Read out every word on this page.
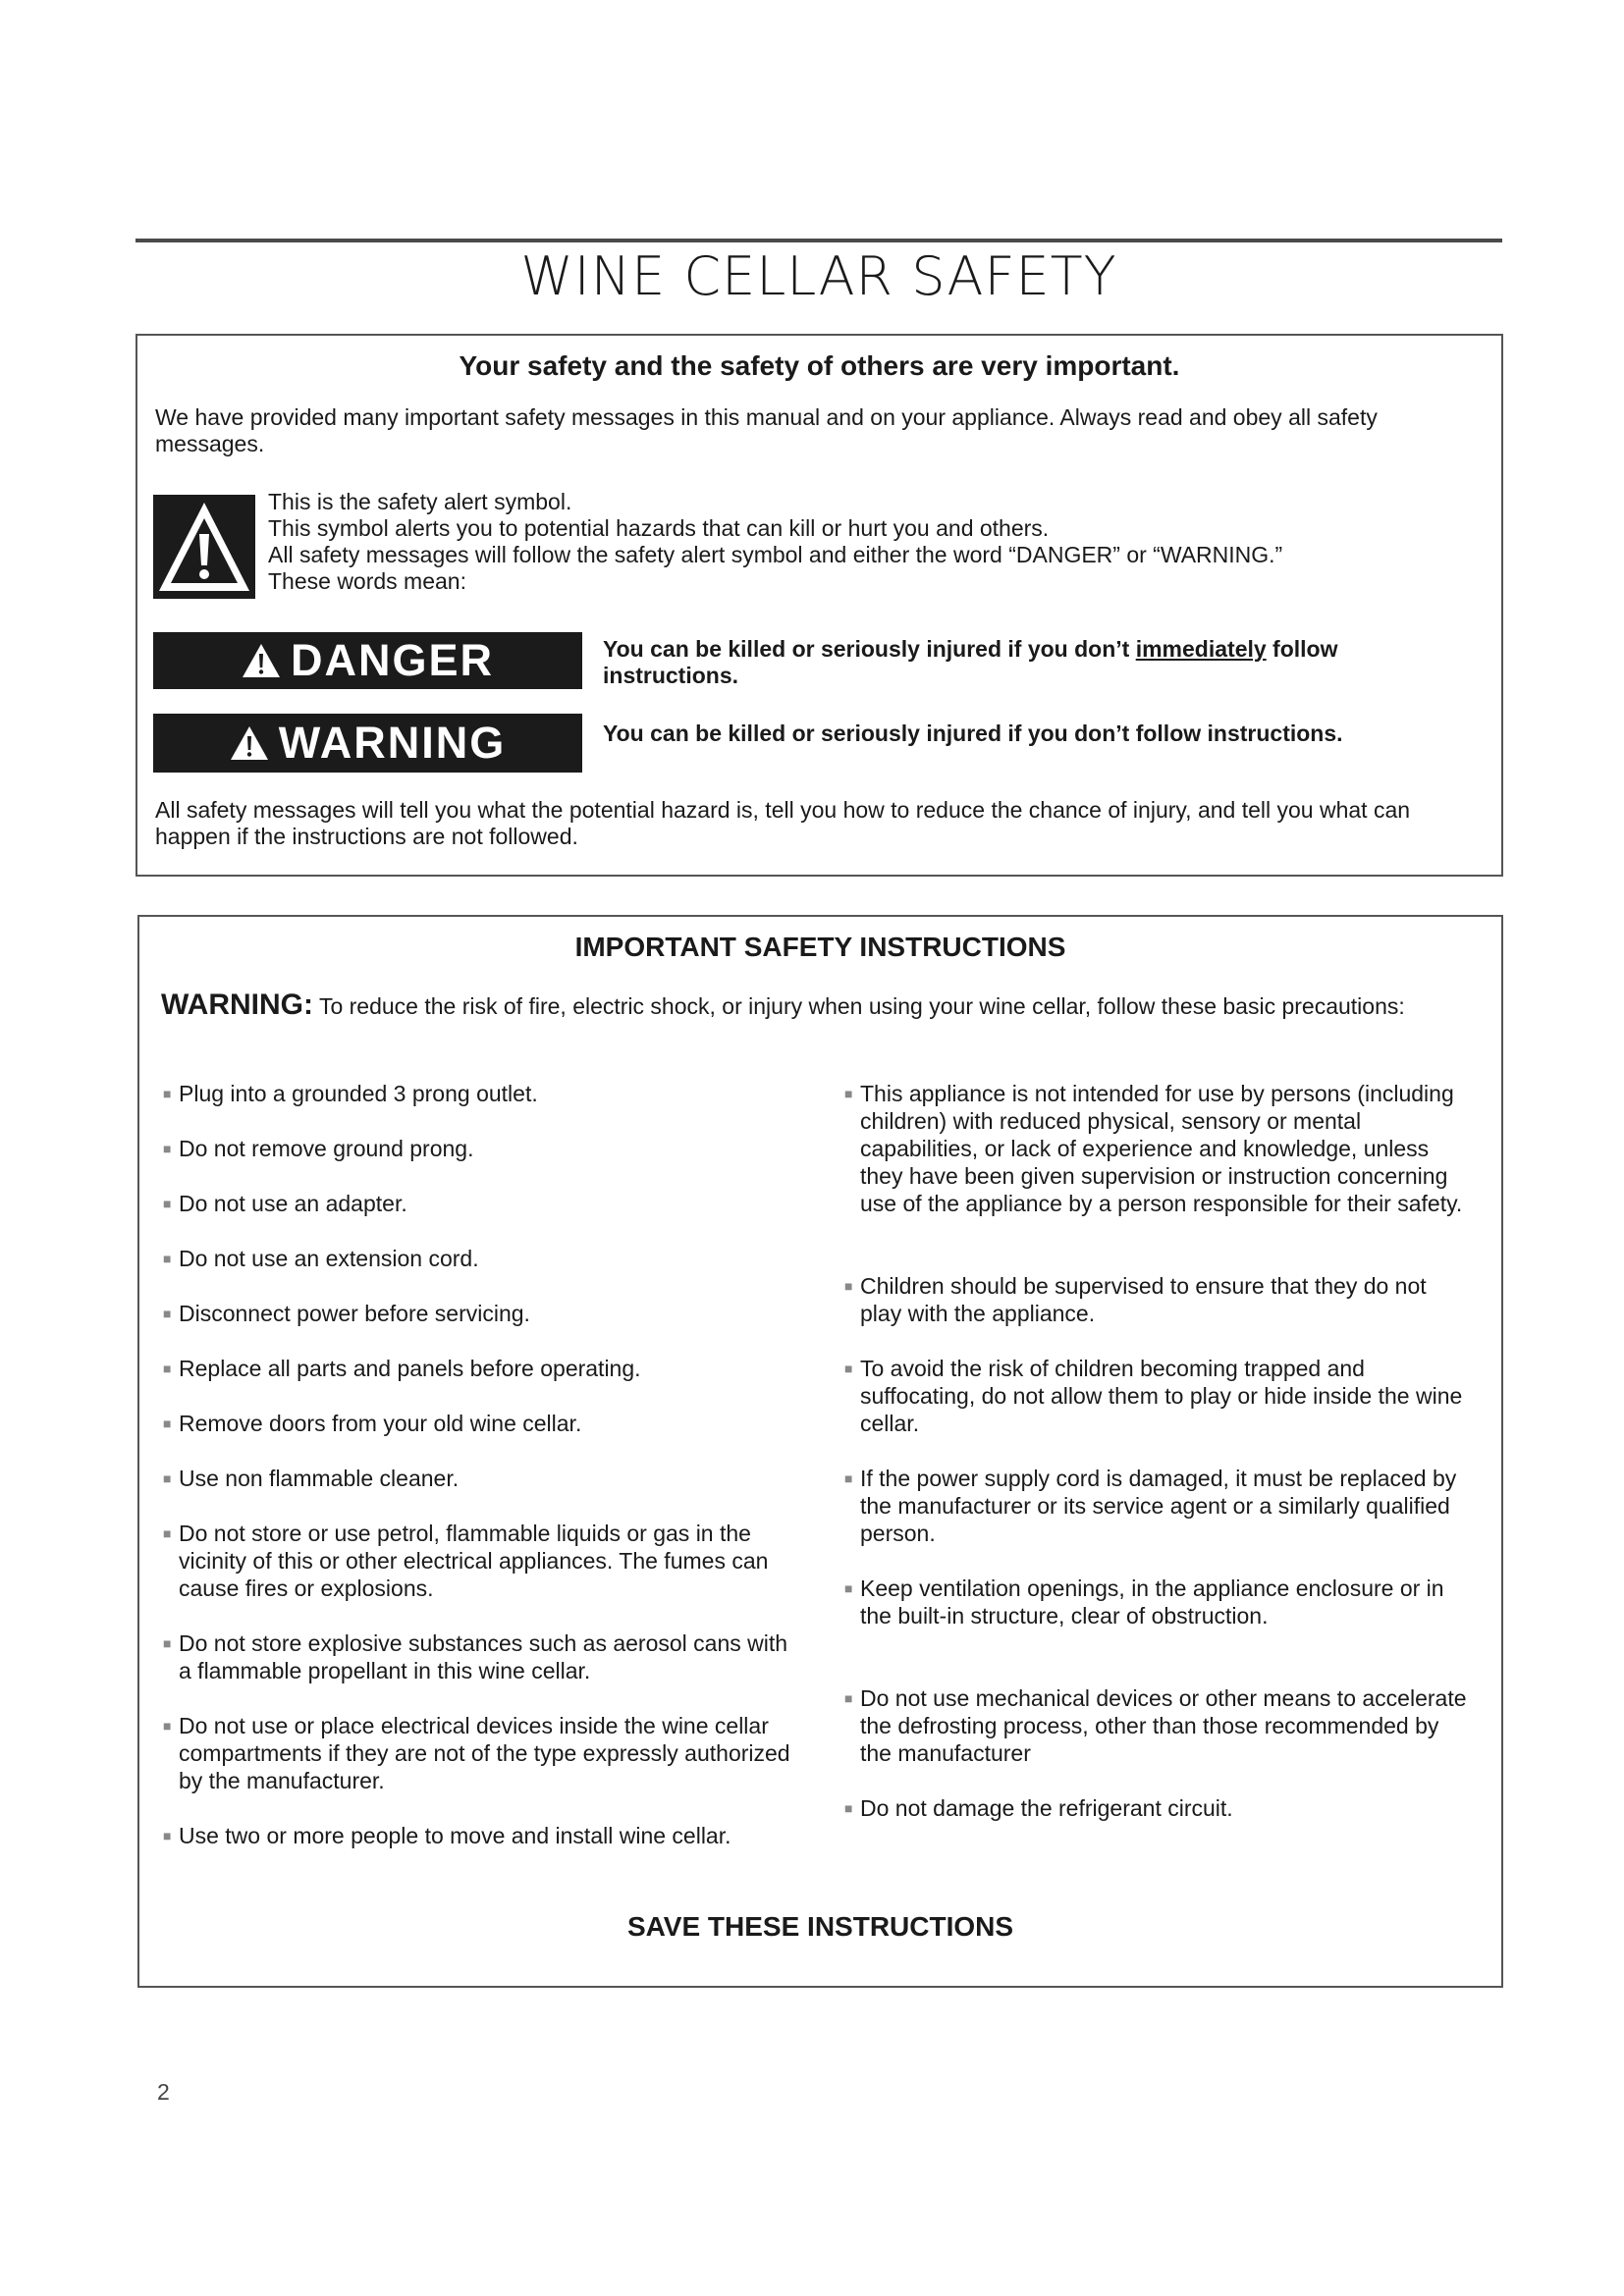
WINE CELLAR SAFETY
Your safety and the safety of others are very important.
We have provided many important safety messages in this manual and on your appliance. Always read and obey all safety messages.
This is the safety alert symbol.
This symbol alerts you to potential hazards that can kill or hurt you and others.
All safety messages will follow the safety alert symbol and either the word “DANGER” or “WARNING.”
These words mean:
DANGER	You can be killed or seriously injured if you don’t immediately follow instructions.
WARNING	You can be killed or seriously injured if you don’t follow instructions.
All safety messages will tell you what the potential hazard is, tell you how to reduce the chance of injury, and tell you what can happen if the instructions are not followed.
IMPORTANT SAFETY INSTRUCTIONS
WARNING: To reduce the risk of fire, electric shock, or injury when using your wine cellar, follow these basic precautions:
■ Plug into a grounded 3 prong outlet.
■ Do not remove ground prong.
■ Do not use an adapter.
■ Do not use an extension cord.
■ Disconnect power before servicing.
■ Replace all parts and panels before operating.
■ Remove doors from your old wine cellar.
■ Use non flammable cleaner.
■ Do not store or use petrol, flammable liquids or gas in the vicinity of this or other electrical appliances. The fumes can cause fires or explosions.
■ Do not store explosive substances such as aerosol cans with a flammable propellant in this wine cellar.
■ Do not use or place electrical devices inside the wine cellar compartments if they are not of the type expressly authorized by the manufacturer.
■ Use two or more people to move and install wine cellar.
■ This appliance is not intended for use by persons (including children) with reduced physical, sensory or mental capabilities, or lack of experience and knowledge, unless they have been given supervision or instruction concerning use of the appliance by a person responsible for their safety.
■ Children should be supervised to ensure that they do not play with the appliance.
■ To avoid the risk of children becoming trapped and suffocating, do not allow them to play or hide inside the wine cellar.
■ If the power supply cord is damaged, it must be replaced by the manufacturer or its service agent or a similarly qualified person.
■ Keep ventilation openings, in the appliance enclosure or in the built-in structure, clear of obstruction.
■ Do not use mechanical devices or other means to accelerate the defrosting process, other than those recommended by the manufacturer
■ Do not damage the refrigerant circuit.
SAVE THESE INSTRUCTIONS
2
